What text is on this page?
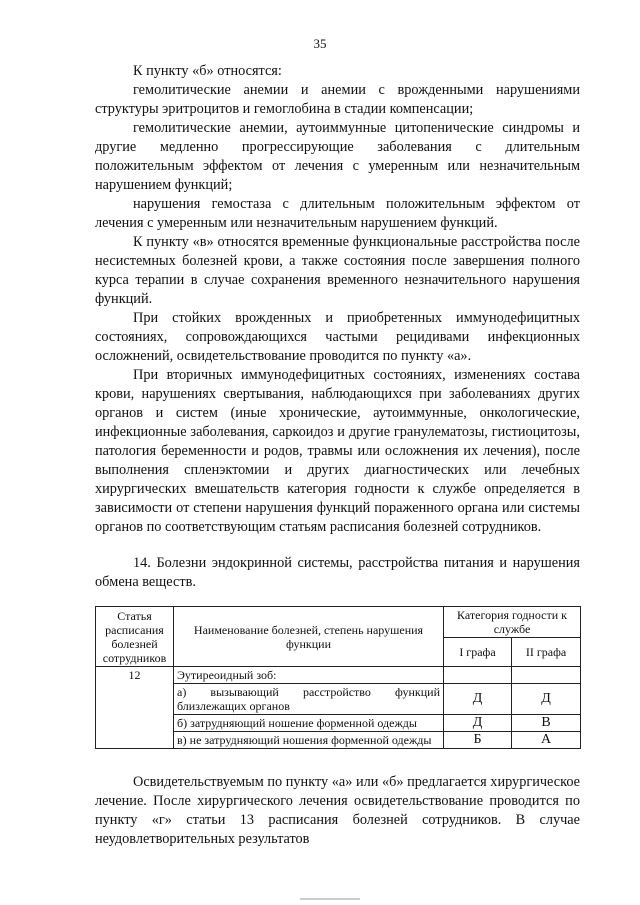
35

К пункту «б» относятся:

гемолитические анемии и анемии с врожденными нарушениями структуры эритроцитов и гемоглобина в стадии компенсации;

гемолитические анемии, аутоиммунные цитопенические синдромы и другие медленно прогрессирующие заболевания с длительным положительным эффектом от лечения с умеренным или незначительным нарушением функций;

нарушения гемостаза с длительным положительным эффектом от лечения с умеренным или незначительным нарушением функций.

К пункту «в» относятся временные функциональные расстройства после несистемных болезней крови, а также состояния после завершения полного курса терапии в случае сохранения временного незначительного нарушения функций.

При стойких врожденных и приобретенных иммунодефицитных состояниях, сопровождающихся частыми рецидивами инфекционных осложнений, освидетельствование проводится по пункту «а».

При вторичных иммунодефицитных состояниях, изменениях состава крови, нарушениях свертывания, наблюдающихся при заболеваниях других органов и систем (иные хронические, аутоиммунные, онкологические, инфекционные заболевания, саркоидоз и другие гранулематозы, гистиоцитозы, патология беременности и родов, травмы или осложнения их лечения), после выполнения спленэктомии и других диагностических или лечебных хирургических вмешательств категория годности к службе определяется в зависимости от степени нарушения функций пораженного органа или системы органов по соответствующим статьям расписания болезней сотрудников.

14. Болезни эндокринной системы, расстройства питания и нарушения обмена веществ.

Статья расписания болезней сотрудников	Наименование болезней, степень нарушения функции	Категория годности к службе	
		I графа	II графа
12	Эутиреоидный зоб:		
	а) вызывающий расстройство функций близлежащих органов	Д	Д
	б) затрудняющий ношение форменной одежды	Д	В
	в) не затрудняющий ношения форменной одежды	Б	А

Освидетельствуемым по пункту «а» или «б» предлагается хирургическое лечение. После хирургического лечения освидетельствование проводится по пункту «г» статьи 13 расписания болезней сотрудников. В случае неудовлетворительных результатов
